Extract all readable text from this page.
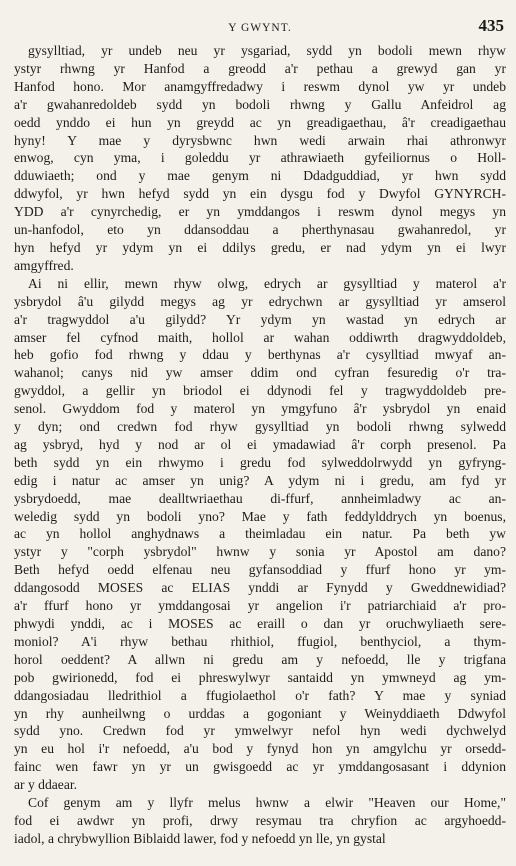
Y GWYNT.	435
gysylltiad, yr undeb neu yr ysgariad, sydd yn bodoli mewn rhyw
ystyr rhwng yr Hanfod a greodd a'r pethau a grewyd gan yr
Hanfod hono. Mor anamgyffredadwy i reswm dynol yw yr undeb
a'r gwahanredoldeb sydd yn bodoli rhwng y Gallu Anfeidrol ag
oedd ynddo ei hun yn greydd ac yn greadigaethau, â'r creadigaethau
hyny! Y mae y dyrysbwnc hwn wedi arwain rhai athronwyr
enwog, cyn yma, i goleddu yr athrawiaeth gyfeiliornus o Holl-
dduwiaeth; ond y mae genym ni Ddadguddiad, yr hwn sydd
ddwyfol, yr hwn hefyd sydd yn ein dysgu fod y Dwyfol GYNYRCH-
YDD a'r cynyrchedig, er yn ymddangos i reswm dynol megys yn
un-hanfodol, eto yn ddansoddau a pherthynasau gwahanredol, yr
hyn hefyd yr ydym yn ei ddilys gredu, er nad ydym yn ei lwyr
amgyffred.
Ai ni ellir, mewn rhyw olwg, edrych ar gysylltiad y materol a'r
ysbrydol â'u gilydd megys ag yr edrychwn ar gysylltiad yr amserol
a'r tragwyddol a'u gilydd? Yr ydym yn wastad yn edrych ar
amser fel cyfnod maith, hollol ar wahan oddiwrth dragwyddoldeb,
heb gofio fod rhwng y ddau y berthynas a'r cysylltiad mwyaf an-
wahanol; canys nid yw amser ddim ond cyfran fesuredig o'r tra-
gwyddol, a gellir yn briodol ei ddynodi fel y tragwyddoldeb pre-
senol. Gwyddom fod y materol yn ymgyfuno â'r ysbrydol yn enaid
y dyn; ond credwn fod rhyw gysylltiad yn bodoli rhwng sylwedd
ag ysbryd, hyd y nod ar ol ei ymadawiad â'r corph presenol. Pa
beth sydd yn ein rhwymo i gredu fod sylweddolrwydd yn gyfryng-
edig i natur ac amser yn unig? A ydym ni i gredu, am fyd yr
ysbrydoedd, mae dealltwriaethau di-ffurf, annheimladwy ac an-
weledig sydd yn bodoli yno? Mae y fath feddylddrych yn boenus,
ac yn hollol anghydnaws a theimladau ein natur. Pa beth yw
ystyr y "corph ysbrydol" hwnw y sonia yr Apostol am dano?
Beth hefyd oedd elfenau neu gyfansoddiad y ffurf hono yr ym-
ddangosodd MOSES ac ELIAS ynddi ar Fynydd y Gweddnewidiad?
a'r ffurf hono yr ymddangosai yr angelion i'r patriarchiaid a'r pro-
phwydi ynddi, ac i MOSES ac eraill o dan yr oruchwyliaeth sere-
moniol? A'i rhyw bethau rhithiol, ffugiol, benthyciol, a thym-
horol oeddent? A allwn ni gredu am y nefoedd, lle y trigfana
pob gwirionedd, fod ei phreswylwyr santaidd yn ymwneyd ag ym-
ddangosiadau lledrithiol a ffugiolaethol o'r fath? Y mae y syniad
yn rhy aunheilwng o urddas a gogoniant y Weinyddiaeth Ddwyfol
sydd yno. Credwn fod yr ymwelwyr nefol hyn wedi dychwelyd
yn eu hol i'r nefoedd, a'u bod y fynyd hon yn amgylchu yr orsedd-
fainc wen fawr yn yr un gwisgoedd ac yr ymddangosasant i ddynion
ar y ddaear.
Cof genym am y llyfr melus hwnw a elwir "Heaven our Home,"
fod ei awdwr yn profi, drwy resymau tra chryfion ac argyhoedd-
iadol, a chrybwyllion Biblaidd lawer, fod y nefoedd yn lle, yn gystal
